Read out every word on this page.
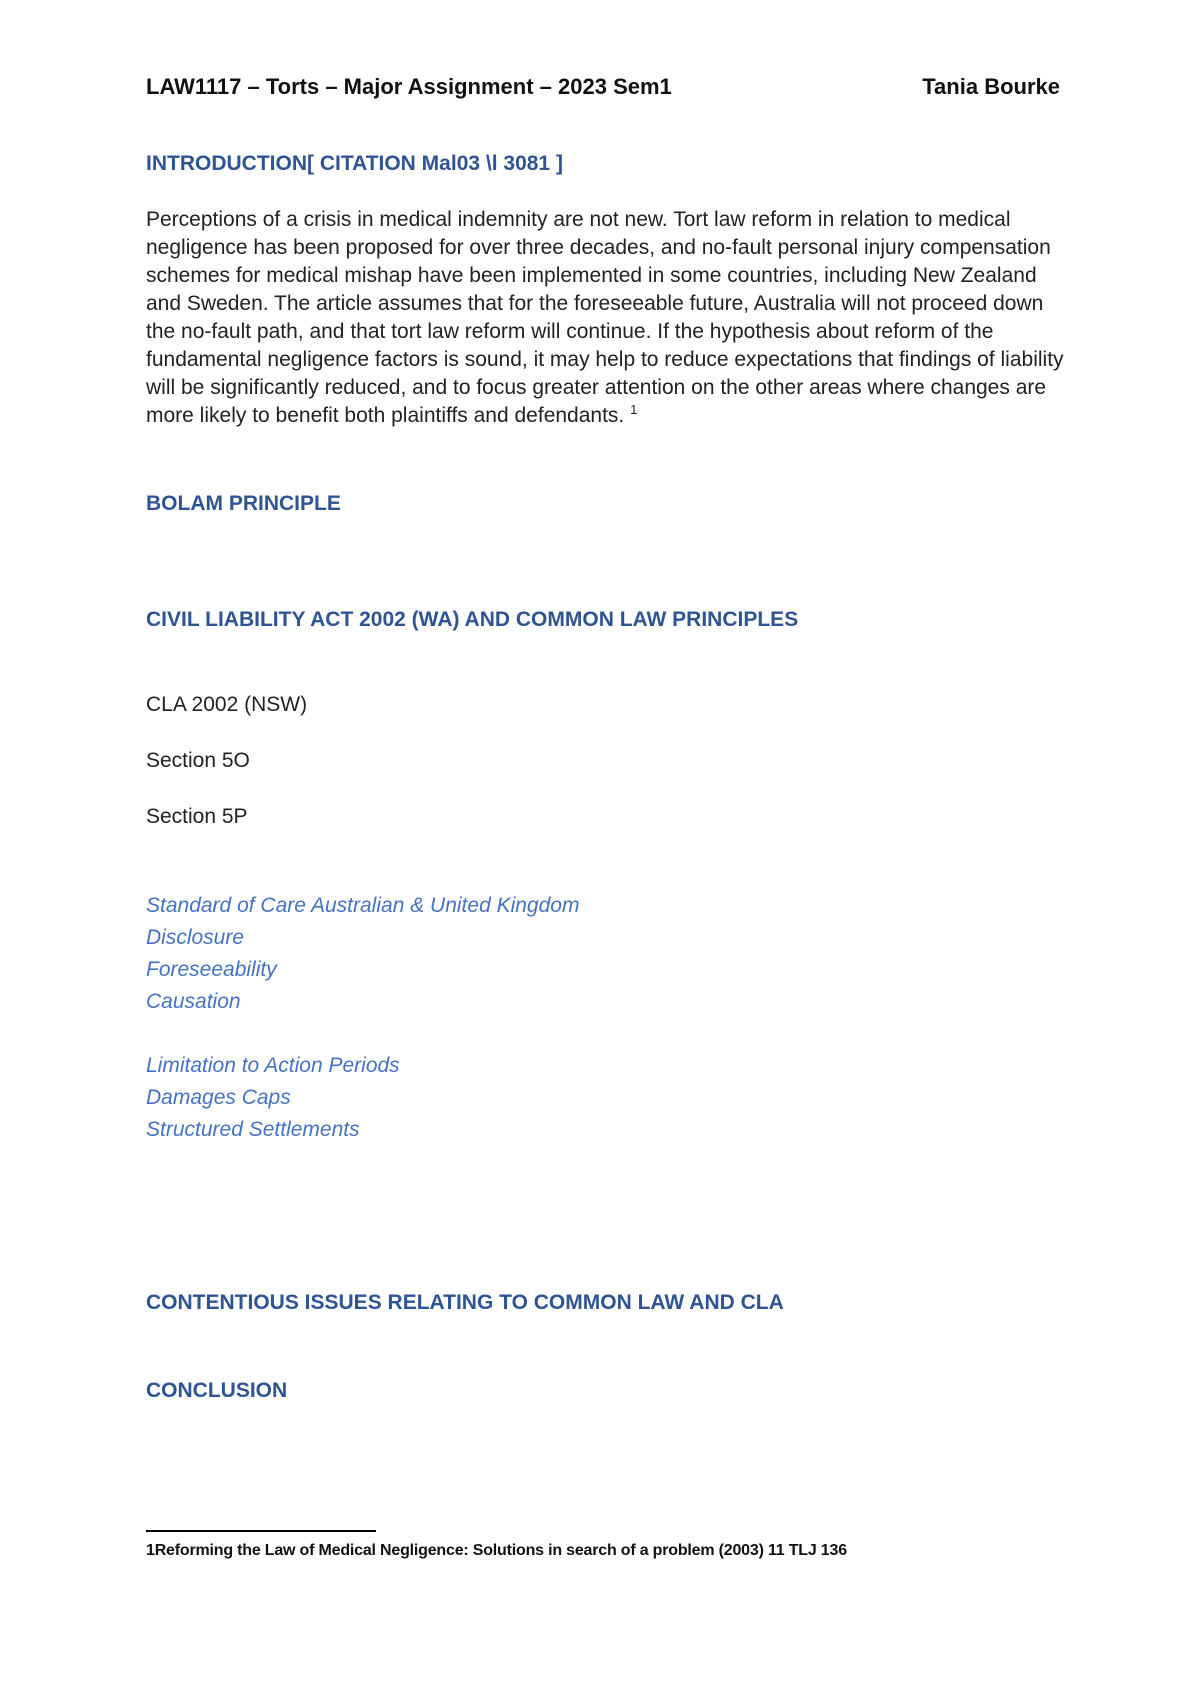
LAW1117 – Torts – Major Assignment – 2023 Sem1	Tania Bourke
INTRODUCTION[ CITATION Mal03 \l 3081 ]
Perceptions of a crisis in medical indemnity are not new. Tort law reform in relation to medical negligence has been proposed for over three decades, and no-fault personal injury compensation schemes for medical mishap have been implemented in some countries, including New Zealand and Sweden. The article assumes that for the foreseeable future, Australia will not proceed down the no-fault path, and that tort law reform will continue. If the hypothesis about reform of the fundamental negligence factors is sound, it may help to reduce expectations that findings of liability will be significantly reduced, and to focus greater attention on the other areas where changes are more likely to benefit both plaintiffs and defendants. $^1$
BOLAM PRINCIPLE
CIVIL LIABILITY ACT 2002 (WA) AND COMMON LAW PRINCIPLES
CLA 2002 (NSW)
Section 5O
Section 5P
Standard of Care Australian & United Kingdom
Disclosure
Foreseeability
Causation
Limitation to Action Periods
Damages Caps
Structured Settlements
CONTENTIOUS ISSUES RELATING TO COMMON LAW AND CLA
CONCLUSION
1Reforming the Law of Medical Negligence: Solutions in search of a problem (2003) 11 TLJ 136
